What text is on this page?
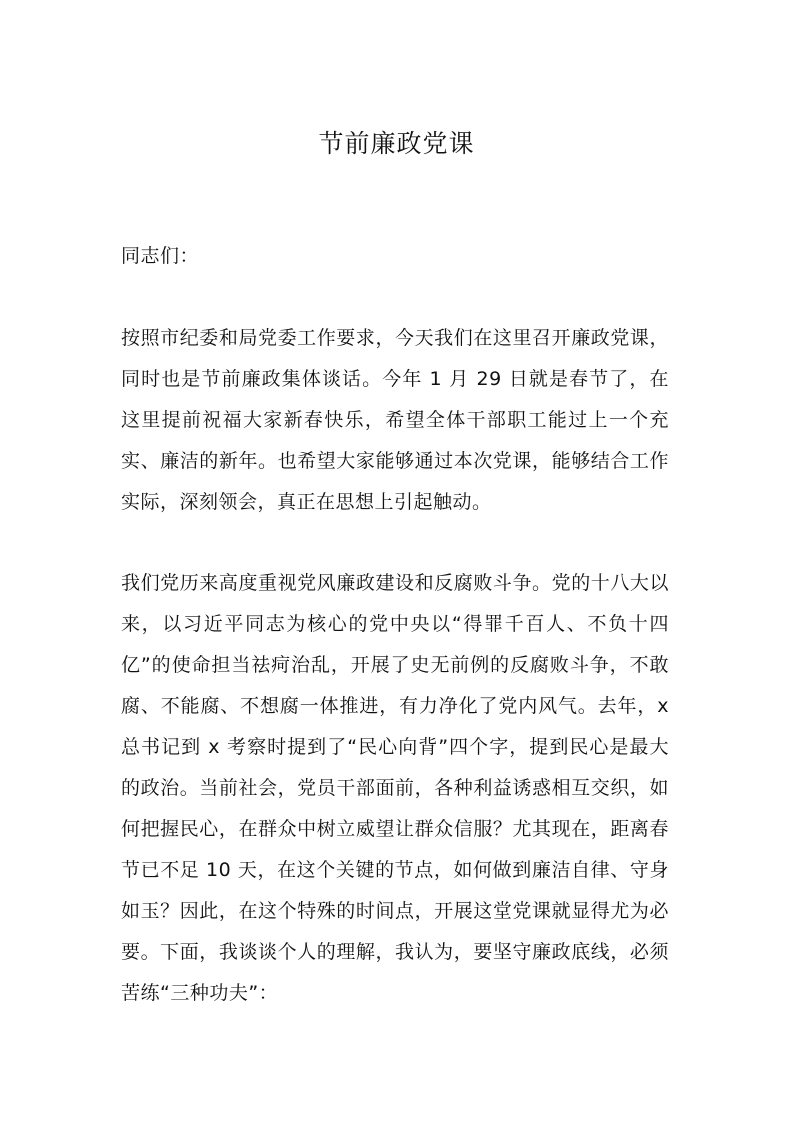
节前廉政党课

同志们：

按照市纪委和局党委工作要求，今天我们在这里召开廉政党课，同时也是节前廉政集体谈话。今年 1 月 29 日就是春节了，在这里提前祝福大家新春快乐，希望全体干部职工能过上一个充实、廉洁的新年。也希望大家能够通过本次党课，能够结合工作实际，深刻领会，真正在思想上引起触动。

我们党历来高度重视党风廉政建设和反腐败斗争。党的十八大以来，以习近平同志为核心的党中央以“得罪千百人、不负十四亿”的使命担当祛疴治乱，开展了史无前例的反腐败斗争，不敢腐、不能腐、不想腐一体推进，有力净化了党内风气。去年，x 总书记到 x 考察时提到了“民心向背”四个字，提到民心是最大的政治。当前社会，党员干部面前，各种利益诱惑相互交织，如何把握民心，在群众中树立威望让群众信服？尤其现在，距离春节已不足 10 天，在这个关键的节点，如何做到廉洁自律、守身如玉？因此，在这个特殊的时间点，开展这堂党课就显得尤为必要。下面，我谈谈个人的理解，我认为，要坚守廉政底线，必须苦练“三种功夫”：
